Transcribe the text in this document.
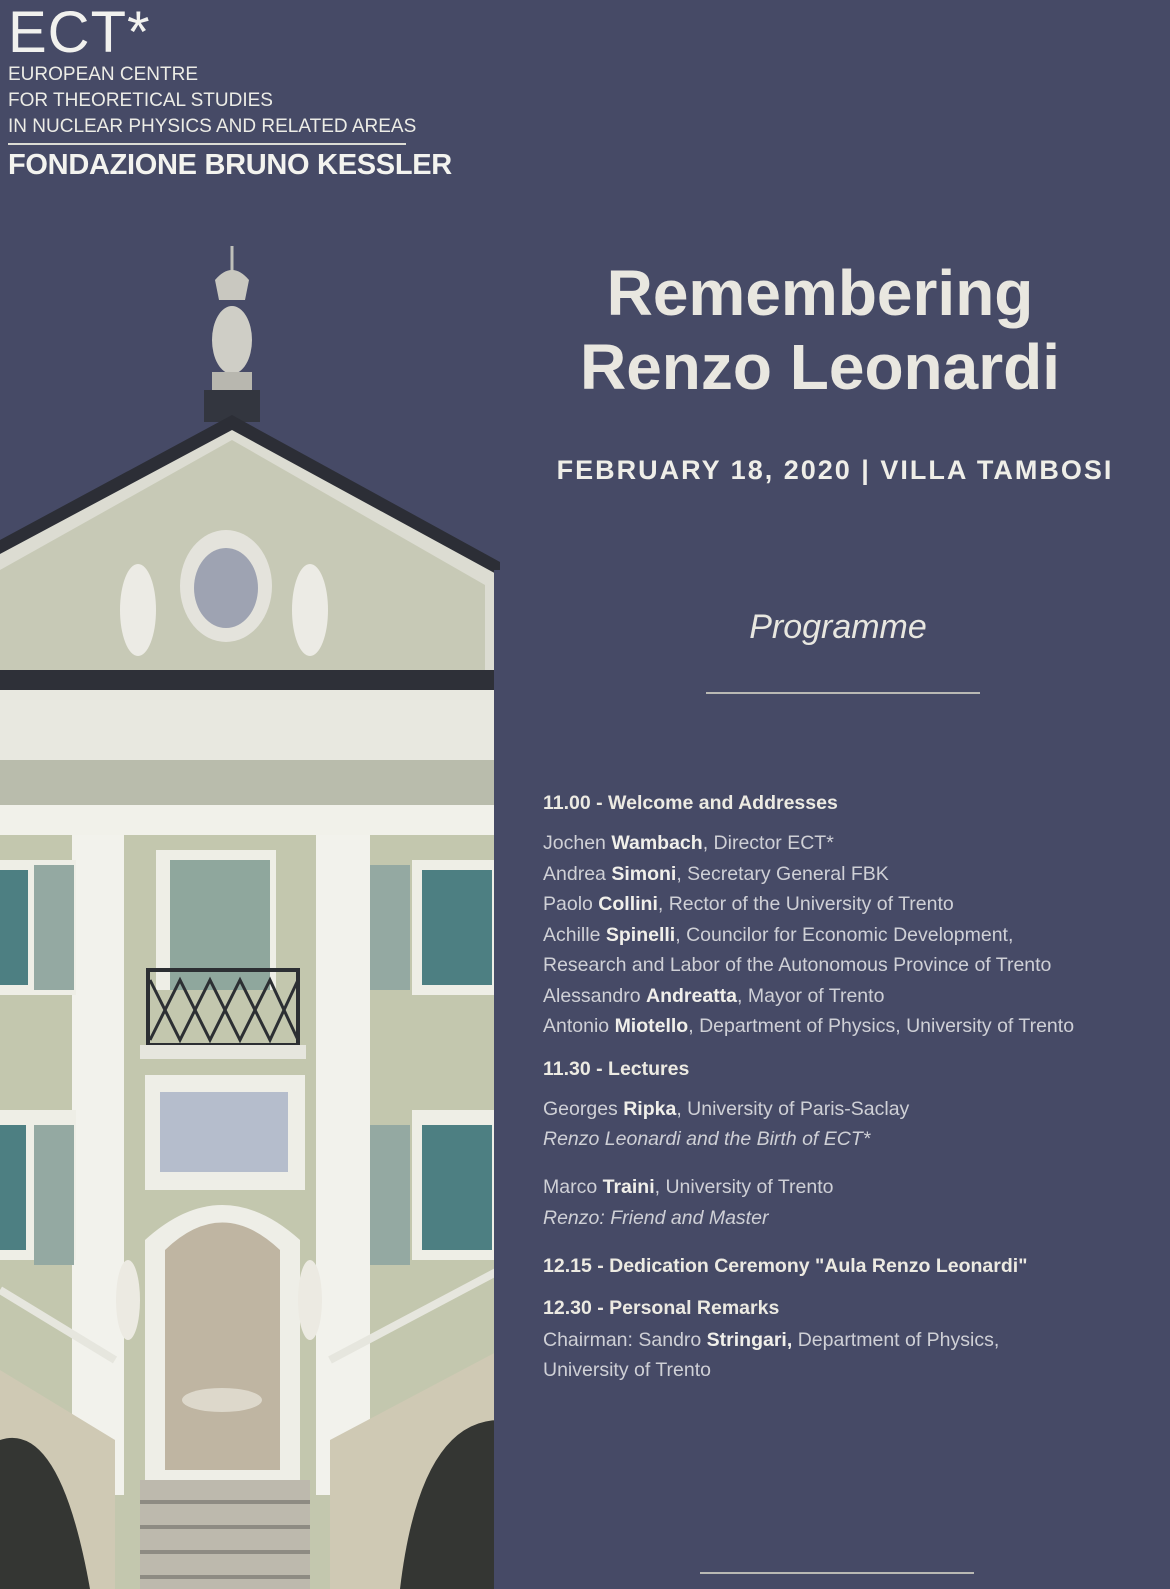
ECT*
EUROPEAN CENTRE
FOR THEORETICAL STUDIES
IN NUCLEAR PHYSICS AND RELATED AREAS
FONDAZIONE BRUNO KESSLER
Remembering
Renzo Leonardi
FEBRUARY 18, 2020 | VILLA TAMBOSI
Programme
11.00 - Welcome and Addresses
Jochen Wambach, Director ECT*
Andrea Simoni, Secretary General FBK
Paolo Collini, Rector of the University of Trento
Achille Spinelli, Councilor for Economic Development,
Research and Labor of the Autonomous Province of Trento
Alessandro Andreatta, Mayor of Trento
Antonio Miotello, Department of Physics, University of Trento
11.30 - Lectures
Georges Ripka, University of Paris-Saclay
Renzo Leonardi and the Birth of ECT*
Marco Traini, University of Trento
Renzo: Friend and Master
12.15 - Dedication Ceremony "Aula Renzo Leonardi"
12.30 - Personal Remarks
Chairman: Sandro Stringari, Department of Physics,
University of Trento
